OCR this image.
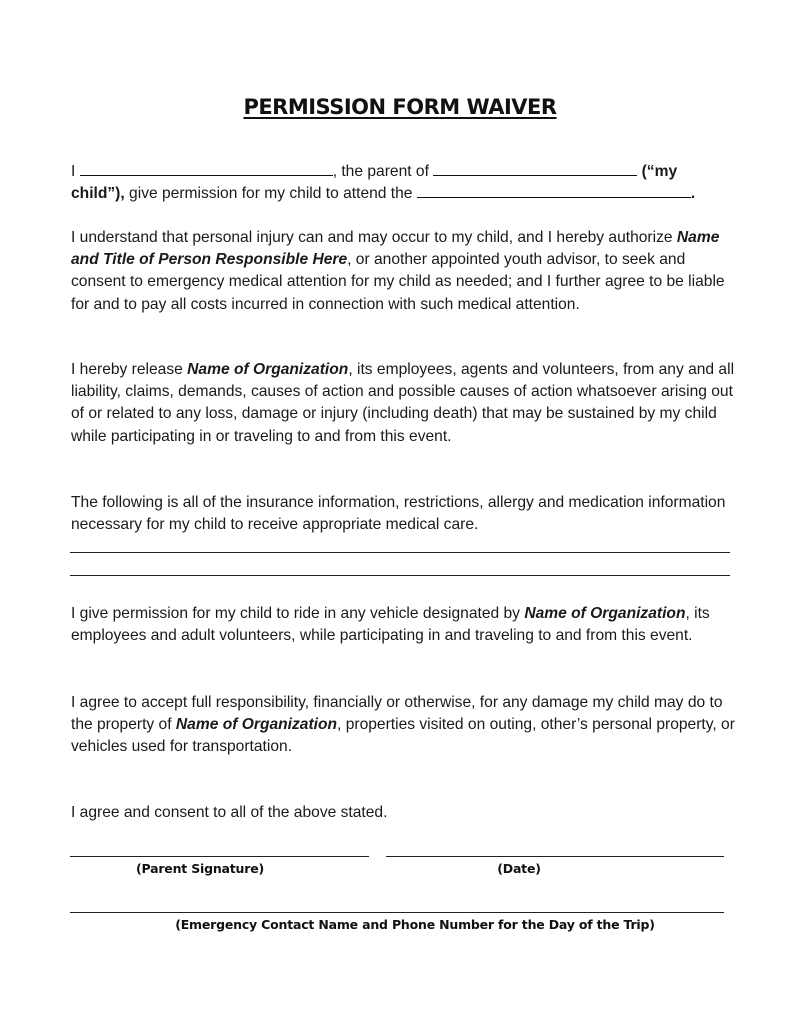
PERMISSION FORM WAIVER
I	, the parent of	(“my child”), give permission for my child to attend the	.
I understand that personal injury can and may occur to my child, and I hereby authorize Name and Title of Person Responsible Here, or another appointed youth advisor, to seek and consent to emergency medical attention for my child as needed; and I further agree to be liable for and to pay all costs incurred in connection with such medical attention.
I hereby release Name of Organization, its employees, agents and volunteers, from any and all liability, claims, demands, causes of action and possible causes of action whatsoever arising out of or related to any loss, damage or injury (including death) that may be sustained by my child while participating in or traveling to and from this event.
The following is all of the insurance information, restrictions, allergy and medication information necessary for my child to receive appropriate medical care.
I give permission for my child to ride in any vehicle designated by Name of Organization, its employees and adult volunteers, while participating in and traveling to and from this event.
I agree to accept full responsibility, financially or otherwise, for any damage my child may do to the property of Name of Organization, properties visited on outing, other’s personal property, or vehicles used for transportation.
I agree and consent to all of the above stated.
(Parent Signature)	(Date)
(Emergency Contact Name and Phone Number for the Day of the Trip)
